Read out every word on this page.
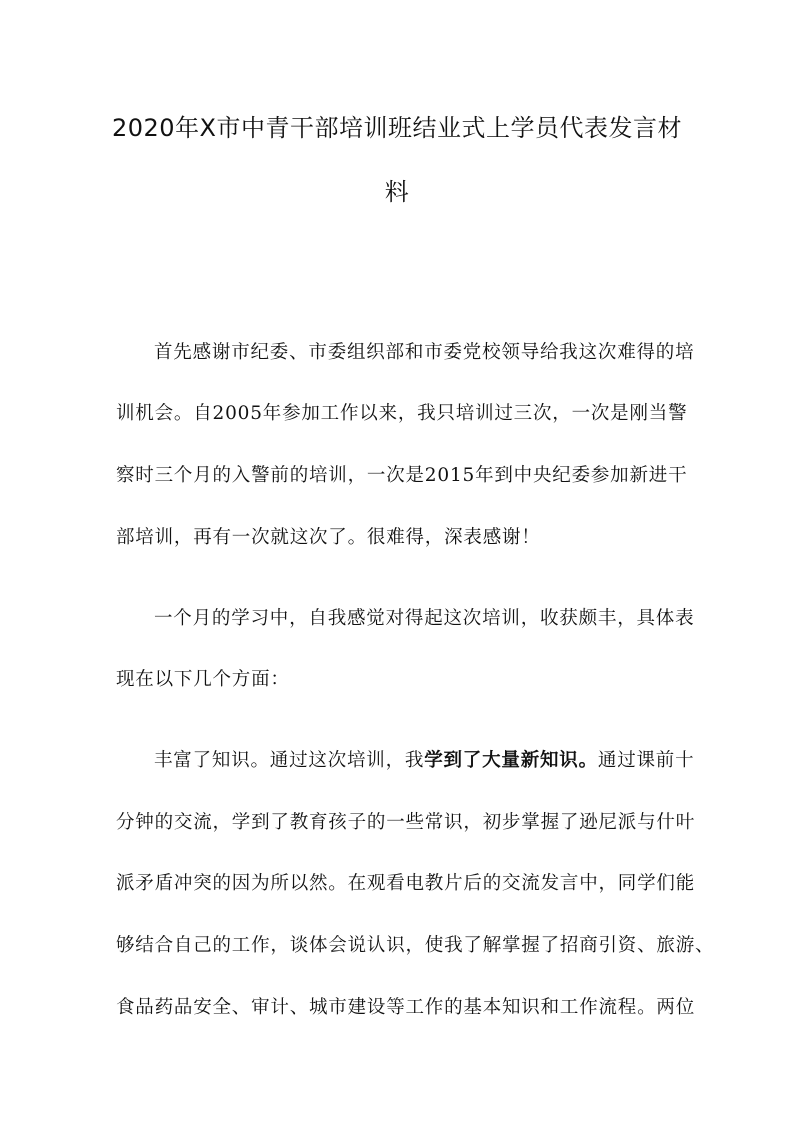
2020年X市中青干部培训班结业式上学员代表发言材
料
首先感谢市纪委、市委组织部和市委党校领导给我这次难得的培
训机会。自2005年参加工作以来，我只培训过三次，一次是刚当警
察时三个月的入警前的培训，一次是2015年到中央纪委参加新进干
部培训，再有一次就这次了。很难得，深表感谢！
一个月的学习中，自我感觉对得起这次培训，收获颇丰，具体表
现在以下几个方面：
丰富了知识。通过这次培训，我学到了大量新知识。通过课前十
分钟的交流，学到了教育孩子的一些常识，初步掌握了逊尼派与什叶
派矛盾冲突的因为所以然。在观看电教片后的交流发言中，同学们能
够结合自己的工作，谈体会说认识，使我了解掌握了招商引资、旅游、
食品药品安全、审计、城市建设等工作的基本知识和工作流程。两位
